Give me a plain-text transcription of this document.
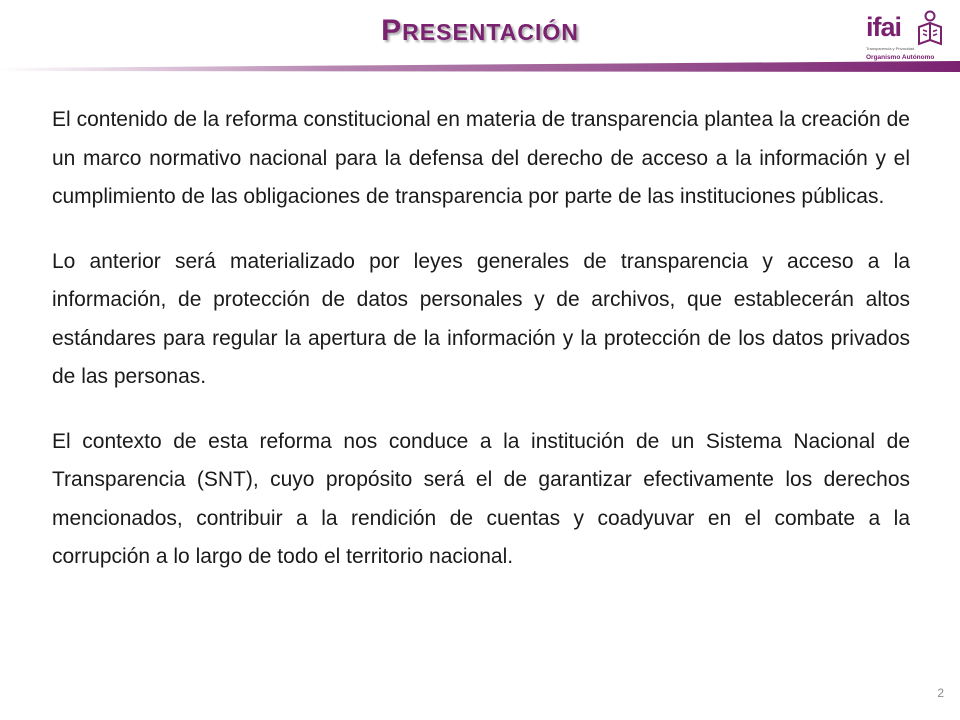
PRESENTACIÓN	ifai
Transparencia y Privacidad
Organismo Autónomo

El contenido de la reforma constitucional en materia de transparencia plantea la creación de un marco normativo nacional para la defensa del derecho de acceso a la información y el cumplimiento de las obligaciones de transparencia por parte de las instituciones públicas.

Lo anterior será materializado por leyes generales de transparencia y acceso a la información, de protección de datos personales y de archivos, que establecerán altos estándares para regular la apertura de la información y la protección de los datos privados de las personas.

El contexto de esta reforma nos conduce a la institución de un Sistema Nacional de Transparencia (SNT), cuyo propósito será el de garantizar efectivamente los derechos mencionados, contribuir a la rendición de cuentas y coadyuvar en el combate a la corrupción a lo largo de todo el territorio nacional.

2
